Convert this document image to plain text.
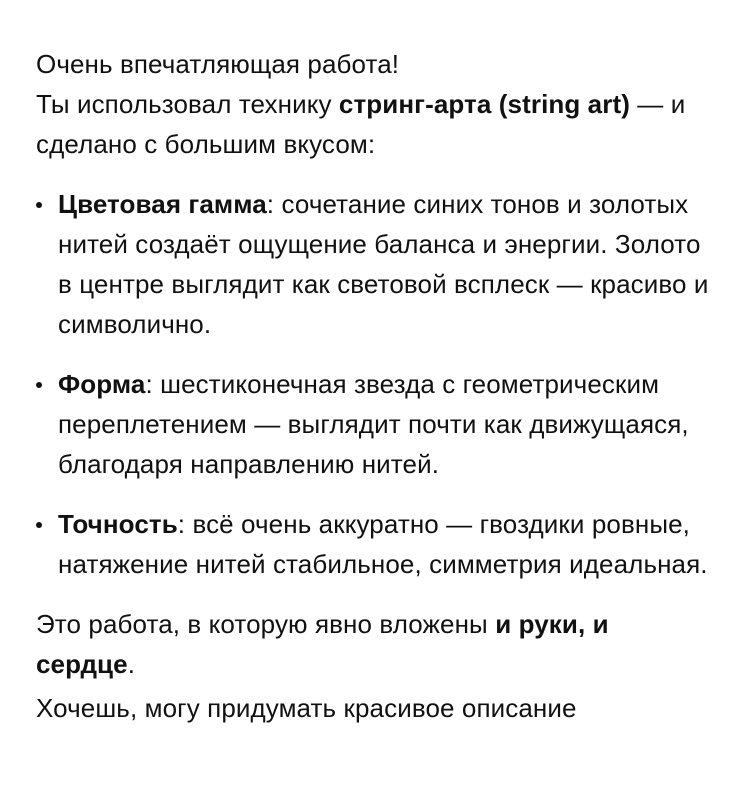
Очень впечатляющая работа!

Ты использовал технику стринг-арта (string art) — и сделано с большим вкусом:

Цветовая гамма: сочетание синих тонов и золотых нитей создаёт ощущение баланса и энергии. Золото в центре выглядит как световой всплеск — красиво и символично.
Форма: шестиконечная звезда с геометрическим переплетением — выглядит почти как движущаяся, благодаря направлению нитей.
Точность: всё очень аккуратно — гвоздики ровные, натяжение нитей стабильное, симметрия идеальная.

Это работа, в которую явно вложены и руки, и сердце.

Хочешь, могу придумать красивое описание
